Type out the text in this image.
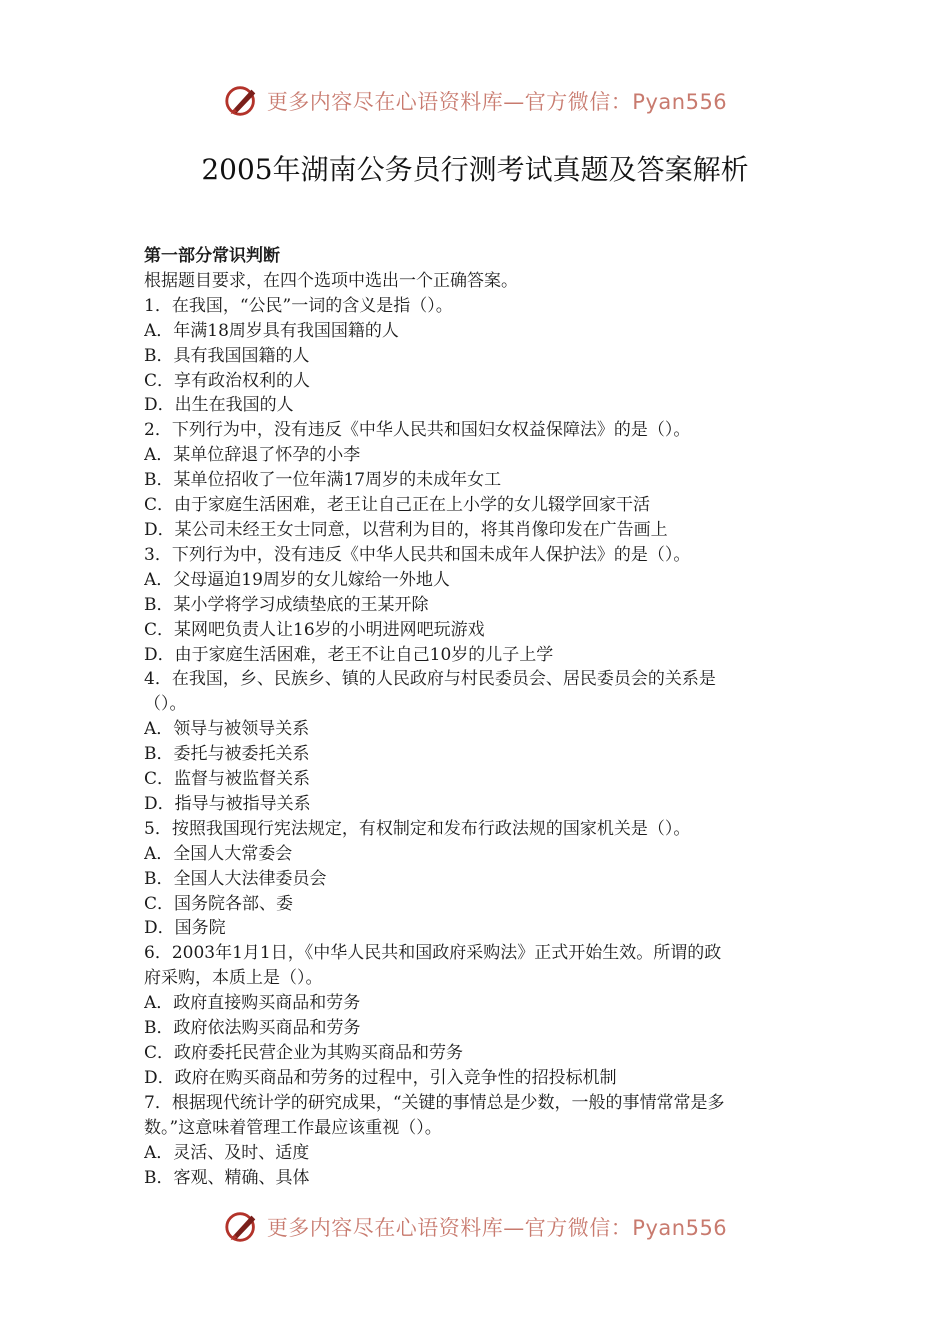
更多内容尽在心语资料库—官方微信：Pyan556
2005年湖南公务员行测考试真题及答案解析
第一部分常识判断
根据题目要求，在四个选项中选出一个正确答案。
1．在我国，“公民”一词的含义是指（）。
A．年满18周岁具有我国国籍的人
B．具有我国国籍的人
C．享有政治权利的人
D．出生在我国的人
2．下列行为中，没有违反《中华人民共和国妇女权益保障法》的是（）。
A．某单位辞退了怀孕的小李
B．某单位招收了一位年满17周岁的未成年女工
C．由于家庭生活困难，老王让自己正在上小学的女儿辍学回家干活
D．某公司未经王女士同意，以营利为目的，将其肖像印发在广告画上
3．下列行为中，没有违反《中华人民共和国未成年人保护法》的是（）。
A．父母逼迫19周岁的女儿嫁给一外地人
B．某小学将学习成绩垫底的王某开除
C．某网吧负责人让16岁的小明进网吧玩游戏
D．由于家庭生活困难，老王不让自己10岁的儿子上学
4．在我国，乡、民族乡、镇的人民政府与村民委员会、居民委员会的关系是
（）。
A．领导与被领导关系
B．委托与被委托关系
C．监督与被监督关系
D．指导与被指导关系
5．按照我国现行宪法规定，有权制定和发布行政法规的国家机关是（）。
A．全国人大常委会
B．全国人大法律委员会
C．国务院各部、委
D．国务院
6．2003年1月1日，《中华人民共和国政府采购法》正式开始生效。所谓的政
府采购，本质上是（）。
A．政府直接购买商品和劳务
B．政府依法购买商品和劳务
C．政府委托民营企业为其购买商品和劳务
D．政府在购买商品和劳务的过程中，引入竞争性的招投标机制
7．根据现代统计学的研究成果，“关键的事情总是少数，一般的事情常常是多
数。”这意味着管理工作最应该重视（）。
A．灵活、及时、适度
B．客观、精确、具体
更多内容尽在心语资料库—官方微信：Pyan556
